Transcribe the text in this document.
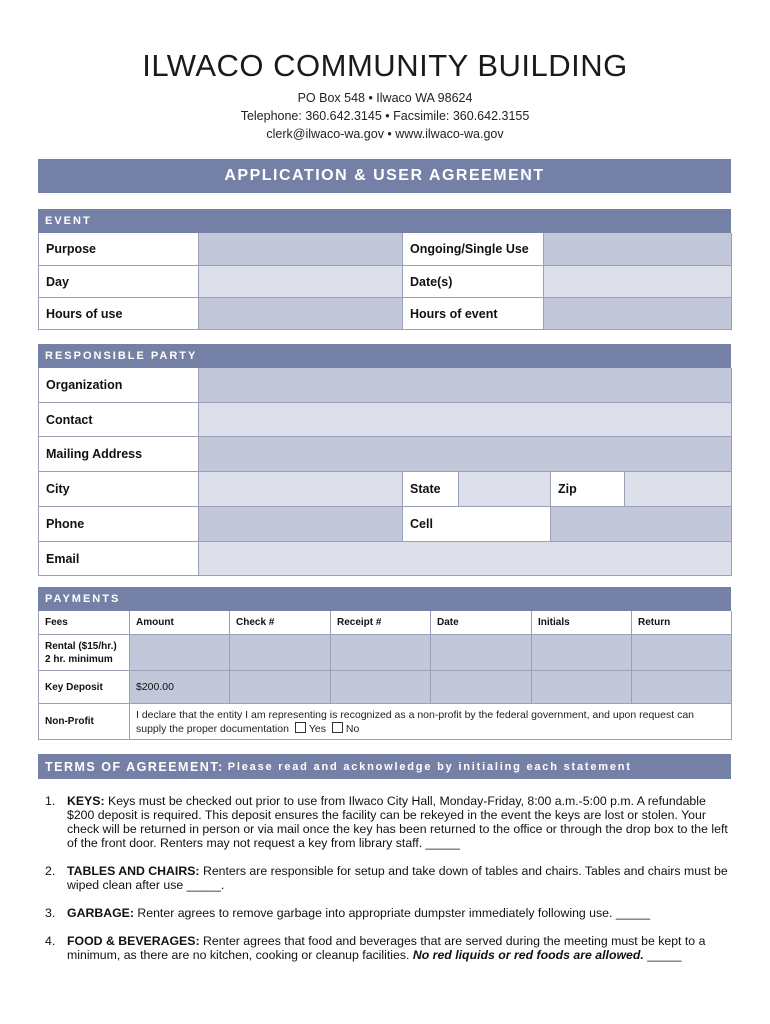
ILWACO COMMUNITY BUILDING
PO Box 548 • Ilwaco WA 98624
Telephone: 360.642.3145 • Facsimile: 360.642.3155
clerk@ilwaco-wa.gov • www.ilwaco-wa.gov
APPLICATION & USER AGREEMENT
EVENT
Purpose	Ongoing/Single Use
Day	Date(s)
Hours of use	Hours of event
RESPONSIBLE PARTY
Organization
Contact
Mailing Address
City	State	Zip
Phone	Cell
Email
PAYMENTS
Fees	Amount	Check #	Receipt #	Date	Initials	Return
Rental ($15/hr.)
2 hr. minimum
Key Deposit	$200.00
Non-Profit
I declare that the entity I am representing is recognized as a non-profit by the federal government, and upon request can supply the proper documentation Yes No
TERMS OF AGREEMENT: Please read and acknowledge by initialing each statement
1. KEYS: Keys must be checked out prior to use from Ilwaco City Hall, Monday-Friday, 8:00 a.m.-5:00 p.m. A refundable $200 deposit is required. This deposit ensures the facility can be rekeyed in the event the keys are lost or stolen. Your check will be returned in person or via mail once the key has been returned to the office or through the drop box to the left of the front door. Renters may not request a key from library staff. _____
2. TABLES AND CHAIRS: Renters are responsible for setup and take down of tables and chairs. Tables and chairs must be wiped clean after use _____.
3. GARBAGE: Renter agrees to remove garbage into appropriate dumpster immediately following use. _____
4. FOOD & BEVERAGES: Renter agrees that food and beverages that are served during the meeting must be kept to a minimum, as there are no kitchen, cooking or cleanup facilities. No red liquids or red foods are allowed. _____
